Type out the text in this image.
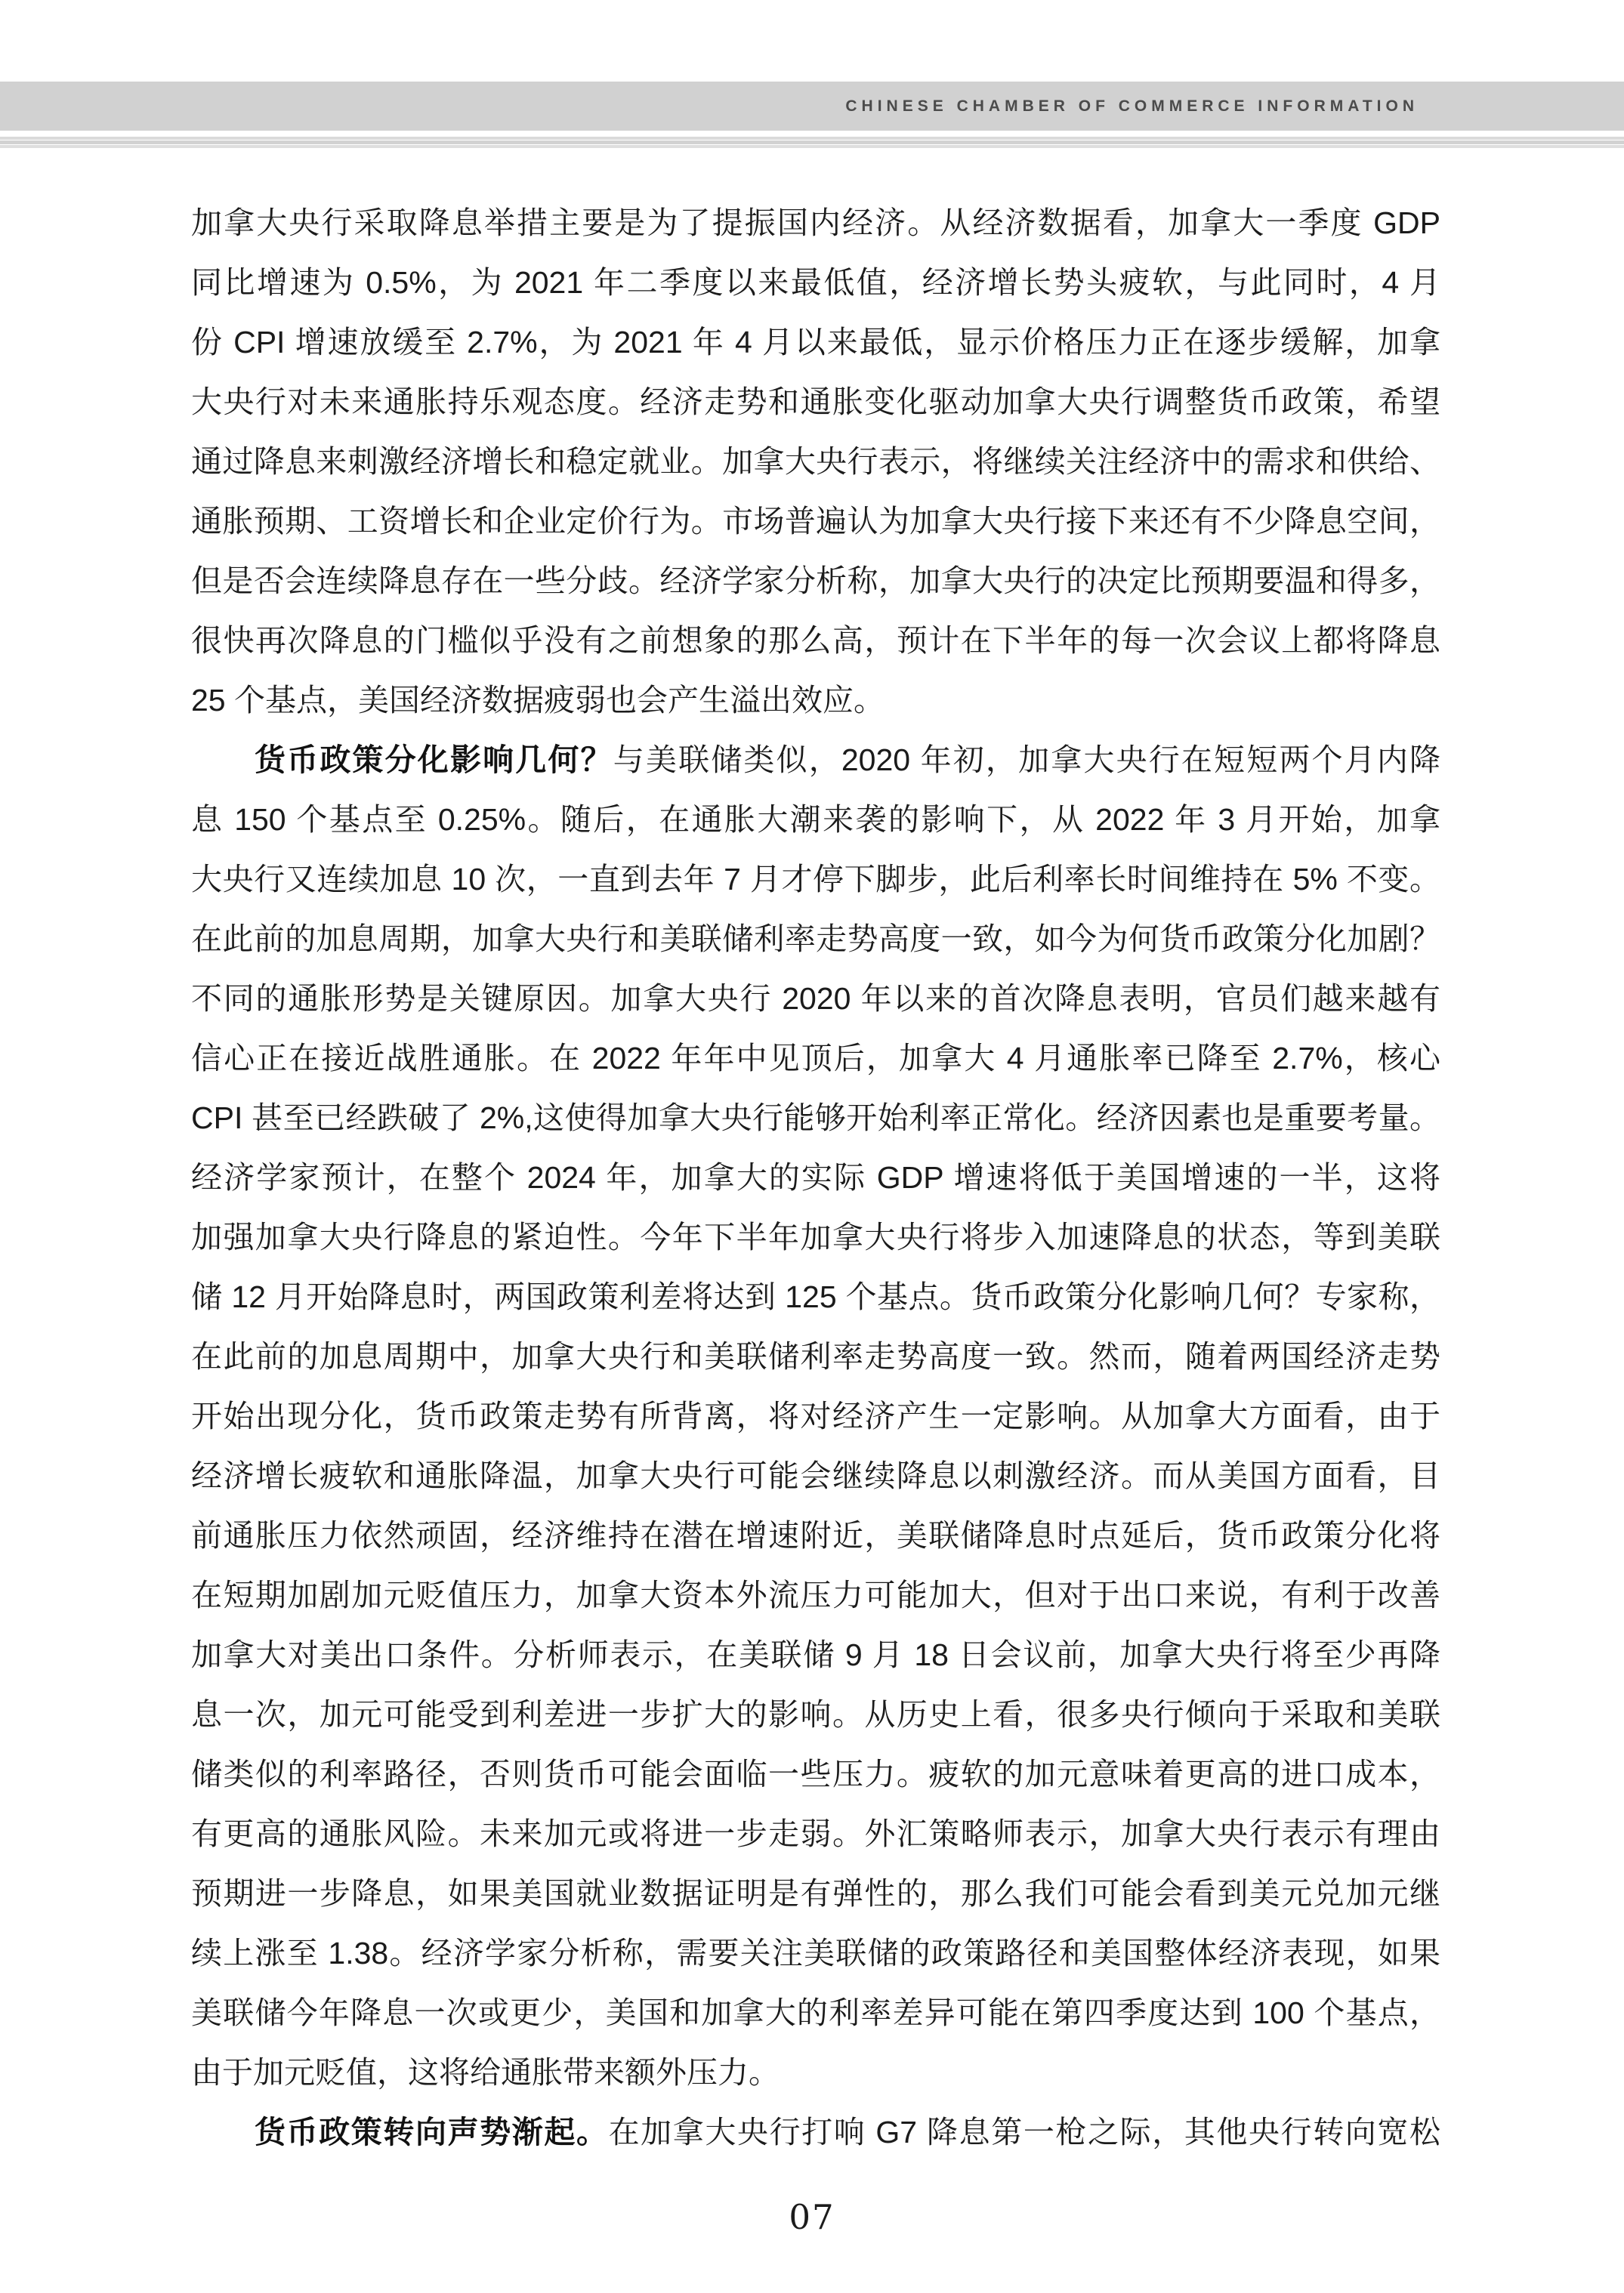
CHINESE CHAMBER OF COMMERCE INFORMATION
加拿大央行采取降息举措主要是为了提振国内经济。从经济数据看，加拿大一季度 GDP
同比增速为 0.5%，为 2021 年二季度以来最低值，经济增长势头疲软，与此同时，4 月
份 CPI 增速放缓至 2.7%，为 2021 年 4 月以来最低，显示价格压力正在逐步缓解，加拿
大央行对未来通胀持乐观态度。经济走势和通胀变化驱动加拿大央行调整货币政策，希望
通过降息来刺激经济增长和稳定就业。加拿大央行表示，将继续关注经济中的需求和供给、
通胀预期、工资增长和企业定价行为。市场普遍认为加拿大央行接下来还有不少降息空间，
但是否会连续降息存在一些分歧。经济学家分析称，加拿大央行的决定比预期要温和得多，
很快再次降息的门槛似乎没有之前想象的那么高，预计在下半年的每一次会议上都将降息
25 个基点，美国经济数据疲弱也会产生溢出效应。
货币政策分化影响几何？与美联储类似，2020 年初，加拿大央行在短短两个月内降
息 150 个基点至 0.25%。随后，在通胀大潮来袭的影响下，从 2022 年 3 月开始，加拿
大央行又连续加息 10 次，一直到去年 7 月才停下脚步，此后利率长时间维持在 5% 不变。
在此前的加息周期，加拿大央行和美联储利率走势高度一致，如今为何货币政策分化加剧？
不同的通胀形势是关键原因。加拿大央行 2020 年以来的首次降息表明，官员们越来越有
信心正在接近战胜通胀。在 2022 年年中见顶后，加拿大 4 月通胀率已降至 2.7%，核心
CPI 甚至已经跌破了 2%,这使得加拿大央行能够开始利率正常化。经济因素也是重要考量。
经济学家预计，在整个 2024 年，加拿大的实际 GDP 增速将低于美国增速的一半，这将
加强加拿大央行降息的紧迫性。今年下半年加拿大央行将步入加速降息的状态，等到美联
储 12 月开始降息时，两国政策利差将达到 125 个基点。货币政策分化影响几何？专家称，
在此前的加息周期中，加拿大央行和美联储利率走势高度一致。然而，随着两国经济走势
开始出现分化，货币政策走势有所背离，将对经济产生一定影响。从加拿大方面看，由于
经济增长疲软和通胀降温，加拿大央行可能会继续降息以刺激经济。而从美国方面看，目
前通胀压力依然顽固，经济维持在潜在增速附近，美联储降息时点延后，货币政策分化将
在短期加剧加元贬值压力，加拿大资本外流压力可能加大，但对于出口来说，有利于改善
加拿大对美出口条件。分析师表示，在美联储 9 月 18 日会议前，加拿大央行将至少再降
息一次，加元可能受到利差进一步扩大的影响。从历史上看，很多央行倾向于采取和美联
储类似的利率路径，否则货币可能会面临一些压力。疲软的加元意味着更高的进口成本，
有更高的通胀风险。未来加元或将进一步走弱。外汇策略师表示，加拿大央行表示有理由
预期进一步降息，如果美国就业数据证明是有弹性的，那么我们可能会看到美元兑加元继
续上涨至 1.38。经济学家分析称，需要关注美联储的政策路径和美国整体经济表现，如果
美联储今年降息一次或更少，美国和加拿大的利率差异可能在第四季度达到 100 个基点，
由于加元贬值，这将给通胀带来额外压力。
货币政策转向声势渐起。在加拿大央行打响 G7 降息第一枪之际，其他央行转向宽松
07
